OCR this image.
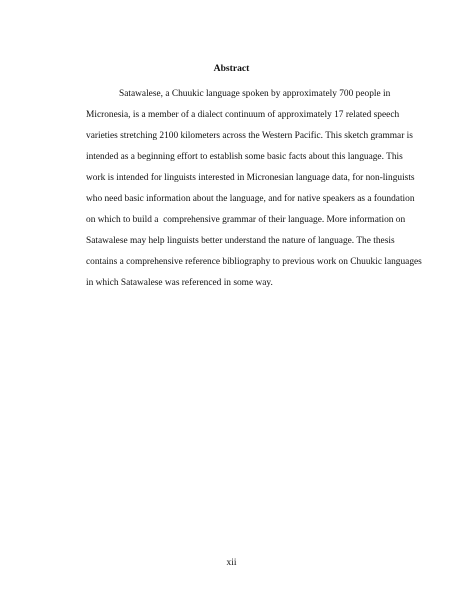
Abstract
Satawalese, a Chuukic language spoken by approximately 700 people in
Micronesia, is a member of a dialect continuum of approximately 17 related speech
varieties stretching 2100 kilometers across the Western Pacific. This sketch grammar is
intended as a beginning effort to establish some basic facts about this language. This
work is intended for linguists interested in Micronesian language data, for non-linguists
who need basic information about the language, and for native speakers as a foundation
on which to build a  comprehensive grammar of their language. More information on
Satawalese may help linguists better understand the nature of language. The thesis
contains a comprehensive reference bibliography to previous work on Chuukic languages
in which Satawalese was referenced in some way.
xii
